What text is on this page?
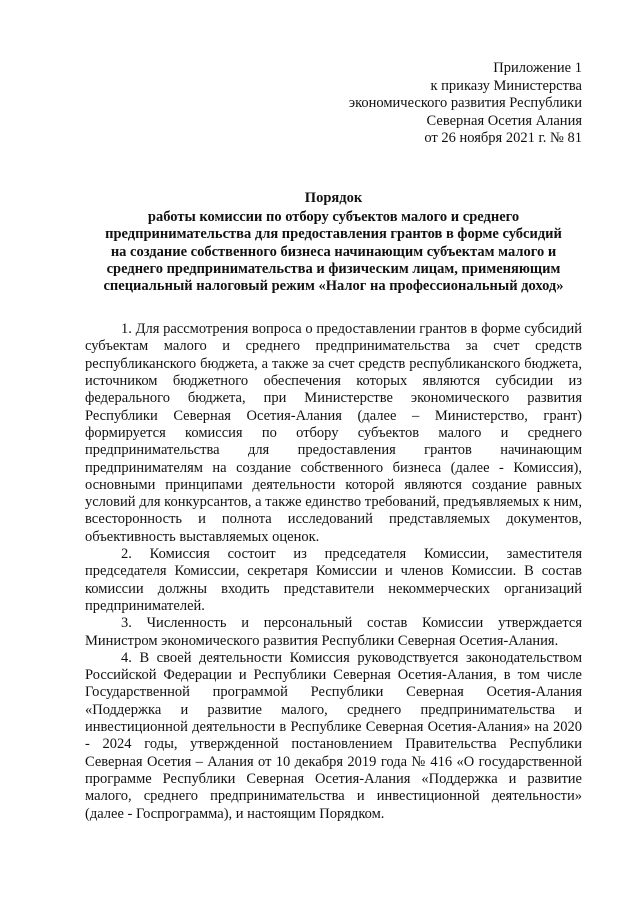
Приложение 1
к приказу Министерства
экономического развития Республики
Северная Осетия Алания
от 26 ноября 2021 г. № 81
Порядок
работы комиссии по отбору субъектов малого и среднего
предпринимательства для предоставления грантов в форме субсидий
на создание собственного бизнеса начинающим субъектам малого и
среднего предпринимательства и физическим лицам, применяющим
специальный налоговый режим «Налог на профессиональный доход»

1. Для рассмотрения вопроса о предоставлении грантов в форме субсидий субъектам малого и среднего предпринимательства за счет средств республиканского бюджета, а также за счет средств республиканского бюджета, источником бюджетного обеспечения которых являются субсидии из федерального бюджета, при Министерстве экономического развития Республики Северная Осетия-Алания (далее – Министерство, грант) формируется комиссия по отбору субъектов малого и среднего предпринимательства для предоставления грантов начинающим предпринимателям на создание собственного бизнеса (далее - Комиссия), основными принципами деятельности которой являются создание равных условий для конкурсантов, а также единство требований, предъявляемых к ним, всесторонность и полнота исследований представляемых документов, объективность выставляемых оценок.

2. Комиссия состоит из председателя Комиссии, заместителя председателя Комиссии, секретаря Комиссии и членов Комиссии. В состав комиссии должны входить представители некоммерческих организаций предпринимателей.

3. Численность и персональный состав Комиссии утверждается Министром экономического развития Республики Северная Осетия-Алания.

4. В своей деятельности Комиссия руководствуется законодательством Российской Федерации и Республики Северная Осетия-Алания, в том числе Государственной программой Республики Северная Осетия-Алания «Поддержка и развитие малого, среднего предпринимательства и инвестиционной деятельности в Республике Северная Осетия-Алания» на 2020 - 2024 годы, утвержденной постановлением Правительства Республики Северная Осетия – Алания от 10 декабря 2019 года № 416 «О государственной программе Республики Северная Осетия-Алания «Поддержка и развитие малого, среднего предпринимательства и инвестиционной деятельности» (далее - Госпрограмма), и настоящим Порядком.
